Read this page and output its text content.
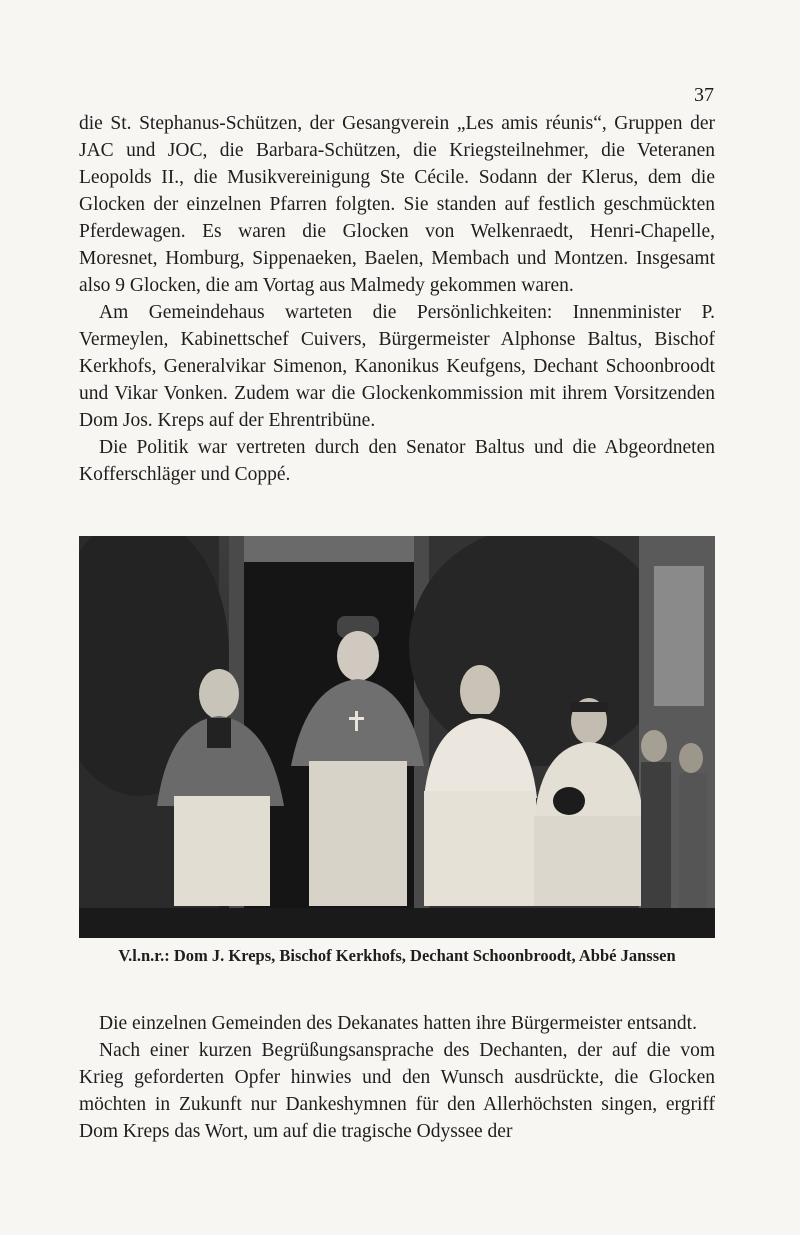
37

die St. Stephanus-Schützen, der Gesangverein „Les amis réunis“, Gruppen der JAC und JOC, die Barbara-Schützen, die Kriegsteilnehmer, die Veteranen Leopolds II., die Musikvereinigung Ste Cécile. Sodann der Klerus, dem die Glocken der einzelnen Pfarren folgten. Sie standen auf festlich geschmückten Pferdewagen. Es waren die Glocken von Welkenraedt, Henri-Chapelle, Moresnet, Homburg, Sippenaeken, Baelen, Membach und Montzen. Insgesamt also 9 Glocken, die am Vortag aus Malmedy gekommen waren.

Am Gemeindehaus warteten die Persönlichkeiten: Innenminister P. Vermeylen, Kabinettschef Cuivers, Bürgermeister Alphonse Baltus, Bischof Kerkhofs, Generalvikar Simenon, Kanonikus Keufgens, Dechant Schoonbroodt und Vikar Vonken. Zudem war die Glockenkommission mit ihrem Vorsitzenden Dom Jos. Kreps auf der Ehrentribüne.

Die Politik war vertreten durch den Senator Baltus und die Abgeordneten Kofferschläger und Coppé.

V.l.n.r.: Dom J. Kreps, Bischof Kerkhofs, Dechant Schoonbroodt, Abbé Janssen

Die einzelnen Gemeinden des Dekanates hatten ihre Bürgermeister entsandt.

Nach einer kurzen Begrüßungsansprache des Dechanten, der auf die vom Krieg geforderten Opfer hinwies und den Wunsch ausdrückte, die Glocken möchten in Zukunft nur Dankeshymnen für den Allerhöchsten singen, ergriff Dom Kreps das Wort, um auf die tragische Odyssee der
